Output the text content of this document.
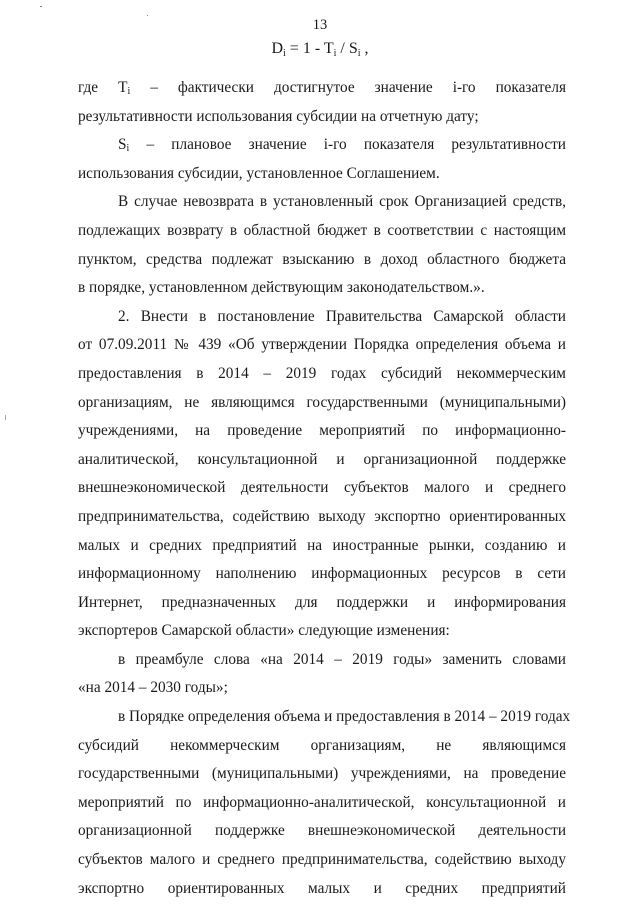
13
$D_i = 1 - T_i / S_i$ ,
где $T_i$ – фактически достигнутое значение i-го показателя
результативности использования субсидии на отчетную дату;
$S_i$ – плановое значение i-го показателя результативности
использования субсидии, установленное Соглашением.
В случае невозврата в установленный срок Организацией средств,
подлежащих возврату в областной бюджет в соответствии с настоящим
пунктом, средства подлежат взысканию в доход областного бюджета
в порядке, установленном действующим законодательством.».
2. Внести в постановление Правительства Самарской области
от 07.09.2011 № 439 «Об утверждении Порядка определения объема и
предоставления в 2014 – 2019 годах субсидий некоммерческим
организациям, не являющимся государственными (муниципальными)
учреждениями, на проведение мероприятий по информационно-
аналитической, консультационной и организационной поддержке
внешнеэкономической деятельности субъектов малого и среднего
предпринимательства, содействию выходу экспортно ориентированных
малых и средних предприятий на иностранные рынки, созданию и
информационному наполнению информационных ресурсов в сети
Интернет, предназначенных для поддержки и информирования
экспортеров Самарской области» следующие изменения:
в преамбуле слова «на 2014 – 2019 годы» заменить словами
«на 2014 – 2030 годы»;
в Порядке определения объема и предоставления в 2014 – 2019 годах
субсидий некоммерческим организациям, не являющимся
государственными (муниципальными) учреждениями, на проведение
мероприятий по информационно-аналитической, консультационной и
организационной поддержке внешнеэкономической деятельности
субъектов малого и среднего предпринимательства, содействию выходу
экспортно ориентированных малых и средних предприятий
